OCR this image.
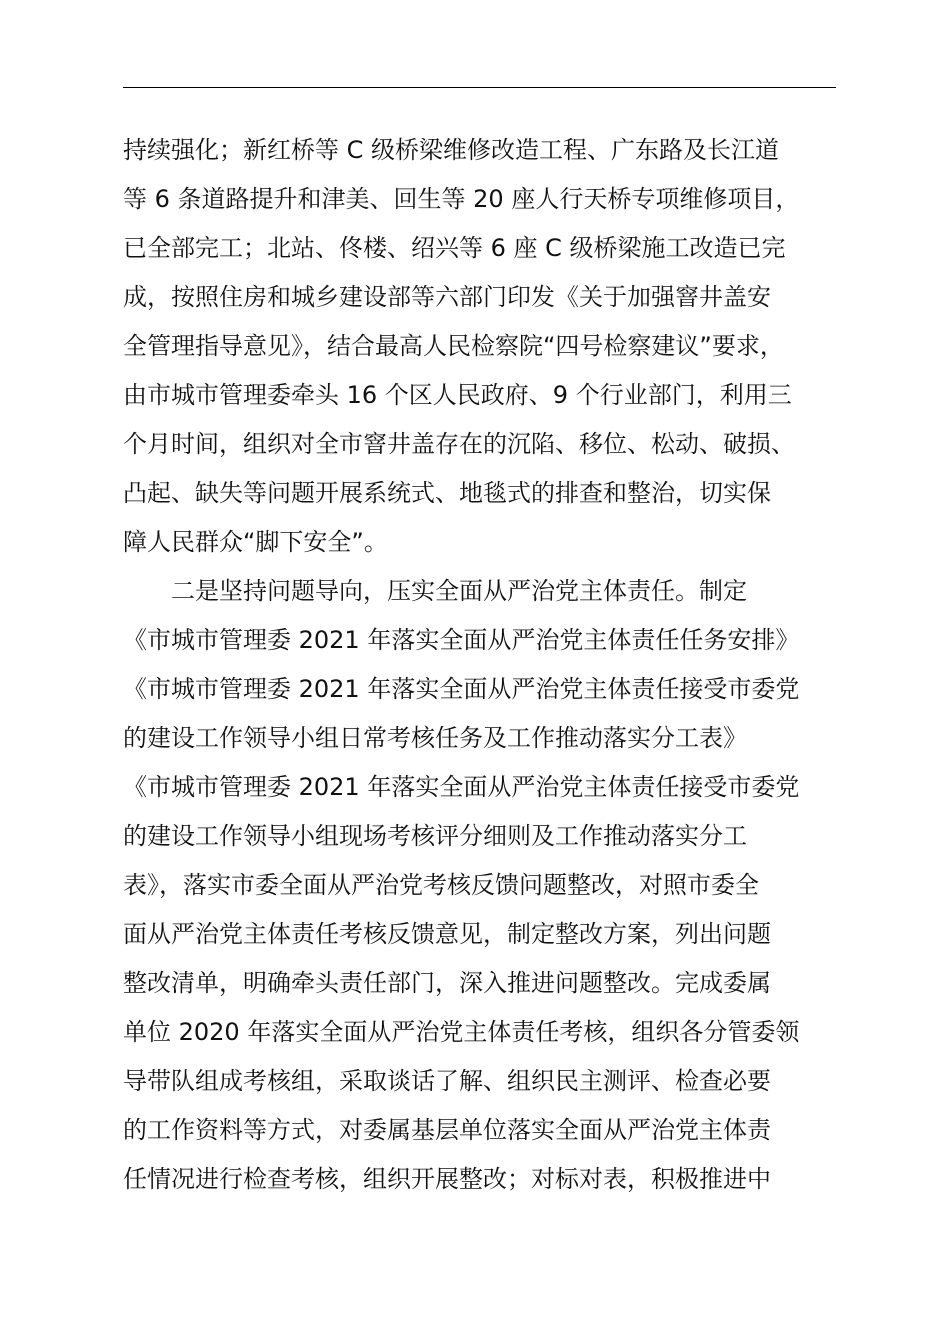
持续强化；新红桥等 C 级桥梁维修改造工程、广东路及长江道
等 6 条道路提升和津美、回生等 20 座人行天桥专项维修项目，
已全部完工；北站、佟楼、绍兴等 6 座 C 级桥梁施工改造已完
成，按照住房和城乡建设部等六部门印发《关于加强窨井盖安
全管理指导意见》，结合最高人民检察院“四号检察建议”要求，
由市城市管理委牵头 16 个区人民政府、9 个行业部门，利用三
个月时间，组织对全市窨井盖存在的沉陷、移位、松动、破损、
凸起、缺失等问题开展系统式、地毯式的排查和整治，切实保
障人民群众“脚下安全”。
二是坚持问题导向，压实全面从严治党主体责任。制定
《市城市管理委 2021 年落实全面从严治党主体责任任务安排》
《市城市管理委 2021 年落实全面从严治党主体责任接受市委党
的建设工作领导小组日常考核任务及工作推动落实分工表》
《市城市管理委 2021 年落实全面从严治党主体责任接受市委党
的建设工作领导小组现场考核评分细则及工作推动落实分工
表》，落实市委全面从严治党考核反馈问题整改，对照市委全
面从严治党主体责任考核反馈意见，制定整改方案，列出问题
整改清单，明确牵头责任部门，深入推进问题整改。完成委属
单位 2020 年落实全面从严治党主体责任考核，组织各分管委领
导带队组成考核组，采取谈话了解、组织民主测评、检查必要
的工作资料等方式，对委属基层单位落实全面从严治党主体责
任情况进行检查考核，组织开展整改；对标对表，积极推进中
